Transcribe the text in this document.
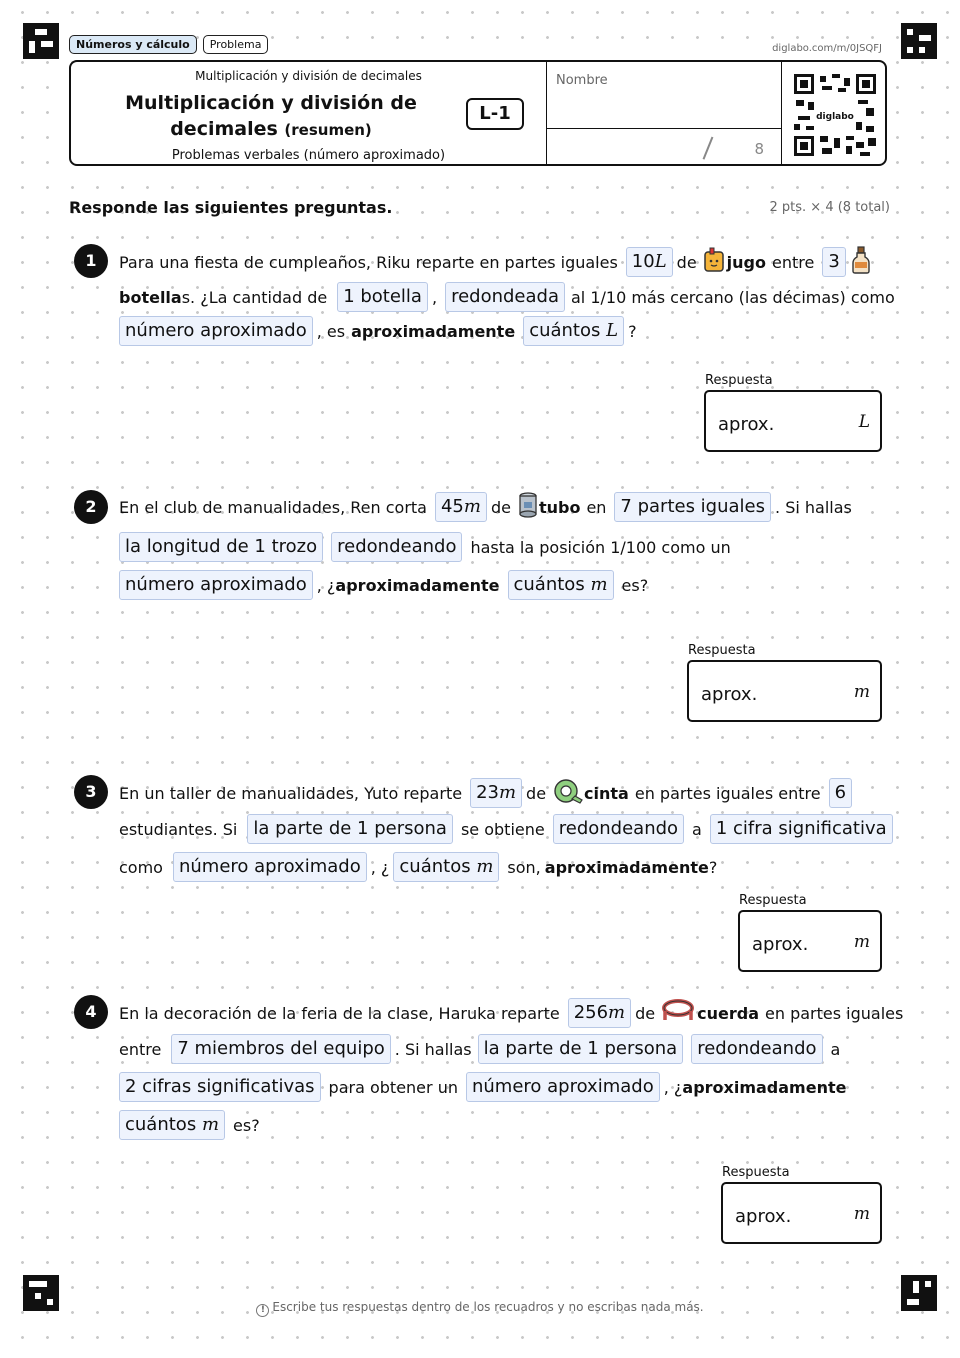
Números y cálculo	Problema	diglabo.com/m/0JSQFJ
Multiplicación y división de decimales
Multiplicación y división de
decimales (resumen)
L-1
Problemas verbales (número aproximado)
Nombre
8
diglabo
Responde las siguientes preguntas.	2 pts. × 4 (8 total)
1	Para una fiesta de cumpleaños, Riku reparte en partes iguales 10L de jugo entre 3
botella s. ¿La cantidad de 1 botella , redondeada al 1/10 más cercano (las décimas) como
número aproximado , es aproximadamente cuántos L ?
Respuesta
aprox.	L
2	En el club de manualidades, Ren corta 45m de tubo en 7 partes iguales . Si hallas
la longitud de 1 trozo	redondeando hasta la posición 1/100 como un
número aproximado , ¿ aproximadamente cuántos m es?
Respuesta
aprox.	m
3	En un taller de manualidades, Yuto reparte 23m de cinta en partes iguales entre 6
estudiantes. Si la parte de 1 persona se obtiene redondeando a 1 cifra significativa
como número aproximado , ¿ cuántos m son, aproximadamente ?
Respuesta
aprox.	m
4	En la decoración de la feria de la clase, Haruka reparte 256m de	cuerda en partes iguales
entre 7 miembros del equipo . Si hallas la parte de 1 persona	redondeando a
2 cifras significativas para obtener un número aproximado , ¿ aproximadamente
cuántos m es?
Respuesta
aprox.	m
! Escribe tus respuestas dentro de los recuadros y no escribas nada más.
